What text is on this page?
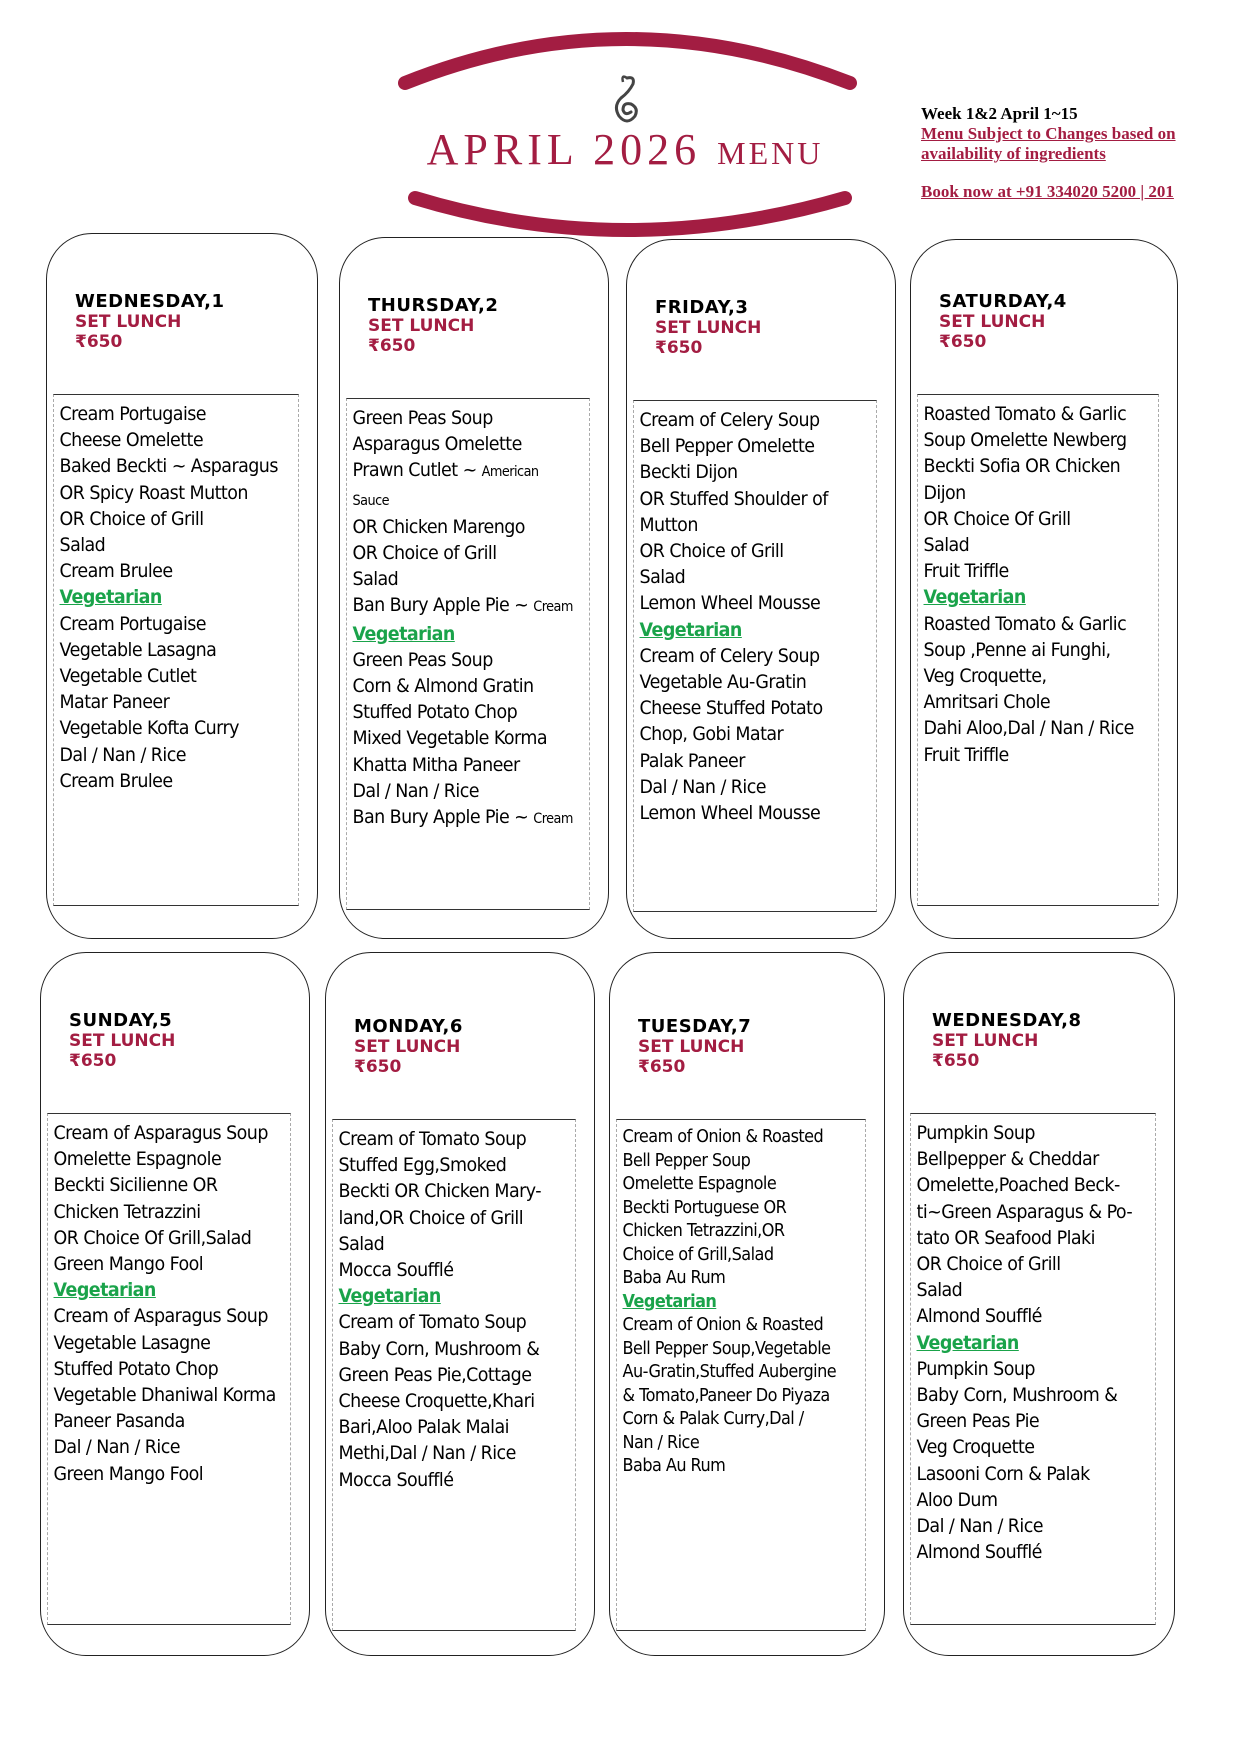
APRIL 2026 MENU
Week 1&2 April 1~15
Menu Subject to Changes based on
availability of ingredients
Book now at +91 334020 5200 | 201
WEDNESDAY,1
SET LUNCH
₹650
Cream Portugaise
Cheese Omelette
Baked Beckti ~ Asparagus
OR Spicy Roast Mutton
OR Choice of Grill
Salad
Cream Brulee
Vegetarian
Cream Portugaise
Vegetable Lasagna
Vegetable Cutlet
Matar Paneer
Vegetable Kofta Curry
Dal / Nan / Rice
Cream Brulee
THURSDAY,2
SET LUNCH
₹650
Green Peas Soup
Asparagus Omelette
Prawn Cutlet ~ American
Sauce
OR Chicken Marengo
OR Choice of Grill
Salad
Ban Bury Apple Pie ~ Cream
Vegetarian
Green Peas Soup
Corn & Almond Gratin
Stuffed Potato Chop
Mixed Vegetable Korma
Khatta Mitha Paneer
Dal / Nan / Rice
Ban Bury Apple Pie ~ Cream
FRIDAY,3
SET LUNCH
₹650
Cream of Celery Soup
Bell Pepper Omelette
Beckti Dijon
OR Stuffed Shoulder of
Mutton
OR Choice of Grill
Salad
Lemon Wheel Mousse
Vegetarian
Cream of Celery Soup
Vegetable Au-Gratin
Cheese Stuffed Potato
Chop, Gobi Matar
Palak Paneer
Dal / Nan / Rice
Lemon Wheel Mousse
SATURDAY,4
SET LUNCH
₹650
Roasted Tomato & Garlic
Soup Omelette Newberg
Beckti Sofia OR Chicken
Dijon
OR Choice Of Grill
Salad
Fruit Triffle
Vegetarian
Roasted Tomato & Garlic
Soup ,Penne ai Funghi,
Veg Croquette,
Amritsari Chole
Dahi Aloo,Dal / Nan / Rice
Fruit Triffle
SUNDAY,5
SET LUNCH
₹650
Cream of Asparagus Soup
Omelette Espagnole
Beckti Sicilienne OR
Chicken Tetrazzini
OR Choice Of Grill,Salad
Green Mango Fool
Vegetarian
Cream of Asparagus Soup
Vegetable Lasagne
Stuffed Potato Chop
Vegetable Dhaniwal Korma
Paneer Pasanda
Dal / Nan / Rice
Green Mango Fool
MONDAY,6
SET LUNCH
₹650
Cream of Tomato Soup
Stuffed Egg,Smoked
Beckti OR Chicken Mary-
land,OR Choice of Grill
Salad
Mocca Soufflé
Vegetarian
Cream of Tomato Soup
Baby Corn, Mushroom &
Green Peas Pie,Cottage
Cheese Croquette,Khari
Bari,Aloo Palak Malai
Methi,Dal / Nan / Rice
Mocca Soufflé
TUESDAY,7
SET LUNCH
₹650
Cream of Onion & Roasted
Bell Pepper Soup
Omelette Espagnole
Beckti Portuguese OR
Chicken Tetrazzini,OR
Choice of Grill,Salad
Baba Au Rum
Vegetarian
Cream of Onion & Roasted
Bell Pepper Soup,Vegetable
Au-Gratin,Stuffed Aubergine
& Tomato,Paneer Do Piyaza
Corn & Palak Curry,Dal /
Nan / Rice
Baba Au Rum
WEDNESDAY,8
SET LUNCH
₹650
Pumpkin Soup
Bellpepper & Cheddar
Omelette,Poached Beck-
ti~Green Asparagus & Po-
tato OR Seafood Plaki
OR Choice of Grill
Salad
Almond Soufflé
Vegetarian
Pumpkin Soup
Baby Corn, Mushroom &
Green Peas Pie
Veg Croquette
Lasooni Corn & Palak
Aloo Dum
Dal / Nan / Rice
Almond Soufflé
